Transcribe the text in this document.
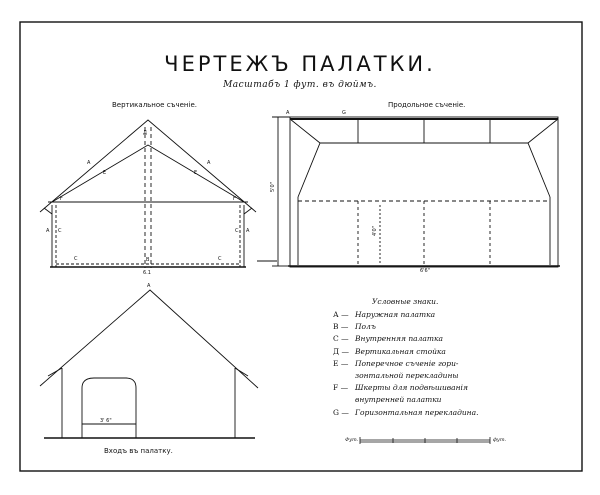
ЧЕРТЕЖЪ ПАЛАТКИ.
Масштабъ 1 фут. въ дюймъ.
Вертикальное съченіе.	Продольное съченіе.
Входъ въ палатку.
Д
А	А
Е	Е
F	F
А С	А
С
С	В	С
6.1
А	G
5'0"
4'0"
6'6"
А
3' 6"
Условные знаки.
А — Наружная палатка
В — Полъ
С — Внутренняя палатка
Д — Вертикальная стойка
Е — Поперечное съченіе гори-
зонтальной перекладины
F — Шкерты для подвѣшиванія
внутренней палатки
G — Горизонтальная перекладина.
Фут.	фут.
